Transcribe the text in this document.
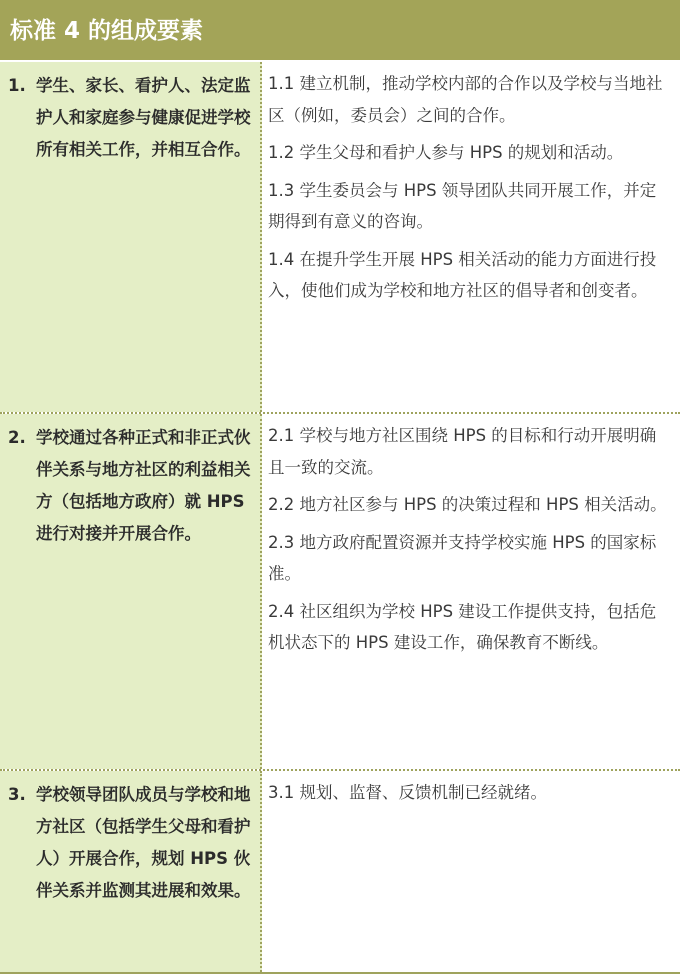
标准 4 的组成要素
1. 学生、家长、看护人、法定监护人和家庭参与健康促进学校所有相关工作，并相互合作。
1.1 建立机制，推动学校内部的合作以及学校与当地社区（例如，委员会）之间的合作。
1.2 学生父母和看护人参与 HPS 的规划和活动。
1.3 学生委员会与 HPS 领导团队共同开展工作，并定期得到有意义的咨询。
1.4 在提升学生开展 HPS 相关活动的能力方面进行投入，使他们成为学校和地方社区的倡导者和创变者。
2. 学校通过各种正式和非正式伙伴关系与地方社区的利益相关方（包括地方政府）就 HPS 进行对接并开展合作。
2.1 学校与地方社区围绕 HPS 的目标和行动开展明确且一致的交流。
2.2 地方社区参与 HPS 的决策过程和 HPS 相关活动。
2.3 地方政府配置资源并支持学校实施 HPS 的国家标准。
2.4 社区组织为学校 HPS 建设工作提供支持，包括危机状态下的 HPS 建设工作，确保教育不断线。
3. 学校领导团队成员与学校和地方社区（包括学生父母和看护人）开展合作，规划 HPS 伙伴关系并监测其进展和效果。
3.1 规划、监督、反馈机制已经就绪。
